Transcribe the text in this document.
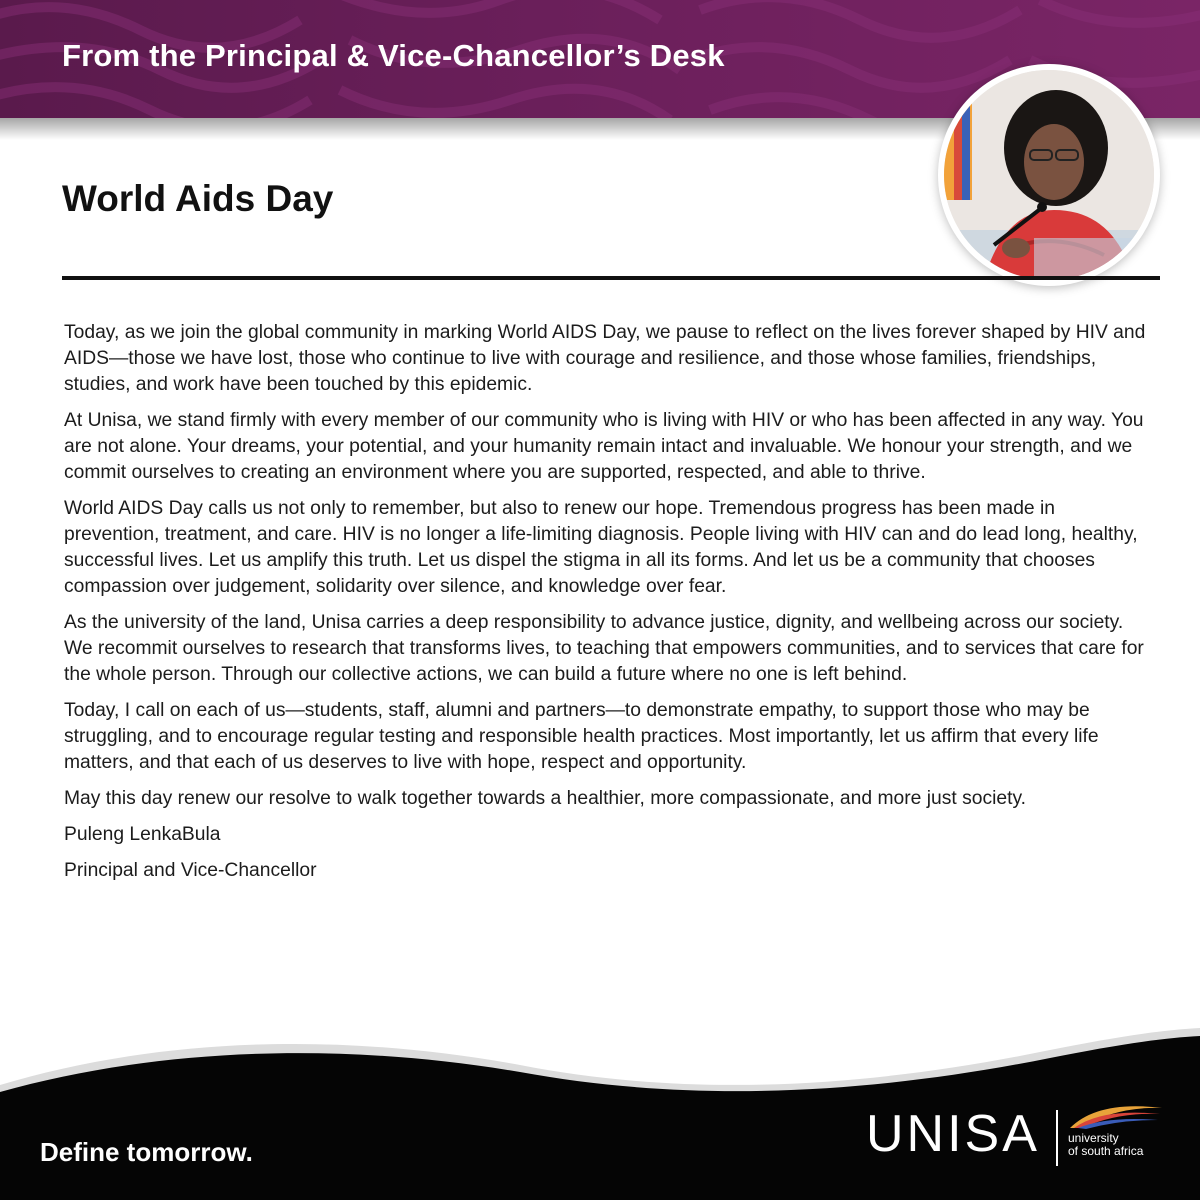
From the Principal & Vice-Chancellor’s Desk
World Aids Day

Today, as we join the global community in marking World AIDS Day, we pause to reflect on the lives forever shaped by HIV and AIDS—those we have lost, those who continue to live with courage and resilience, and those whose families, friendships, studies, and work have been touched by this epidemic.

At Unisa, we stand firmly with every member of our community who is living with HIV or who has been affected in any way. You are not alone. Your dreams, your potential, and your humanity remain intact and invaluable. We honour your strength, and we commit ourselves to creating an environment where you are supported, respected, and able to thrive.

World AIDS Day calls us not only to remember, but also to renew our hope. Tremendous progress has been made in prevention, treatment, and care. HIV is no longer a life-limiting diagnosis. People living with HIV can and do lead long, healthy, successful lives. Let us amplify this truth. Let us dispel the stigma in all its forms. And let us be a community that chooses compassion over judgement, solidarity over silence, and knowledge over fear.

As the university of the land, Unisa carries a deep responsibility to advance justice, dignity, and wellbeing across our society. We recommit ourselves to research that transforms lives, to teaching that empowers communities, and to services that care for the whole person. Through our collective actions, we can build a future where no one is left behind.

Today, I call on each of us—students, staff, alumni and partners—to demonstrate empathy, to support those who may be struggling, and to encourage regular testing and responsible health practices. Most importantly, let us affirm that every life matters, and that each of us deserves to live with hope, respect and opportunity.

May this day renew our resolve to walk together towards a healthier, more compassionate, and more just society.

Puleng LenkaBula

Principal and Vice-Chancellor

Define tomorrow.	UNISA university
of south africa
